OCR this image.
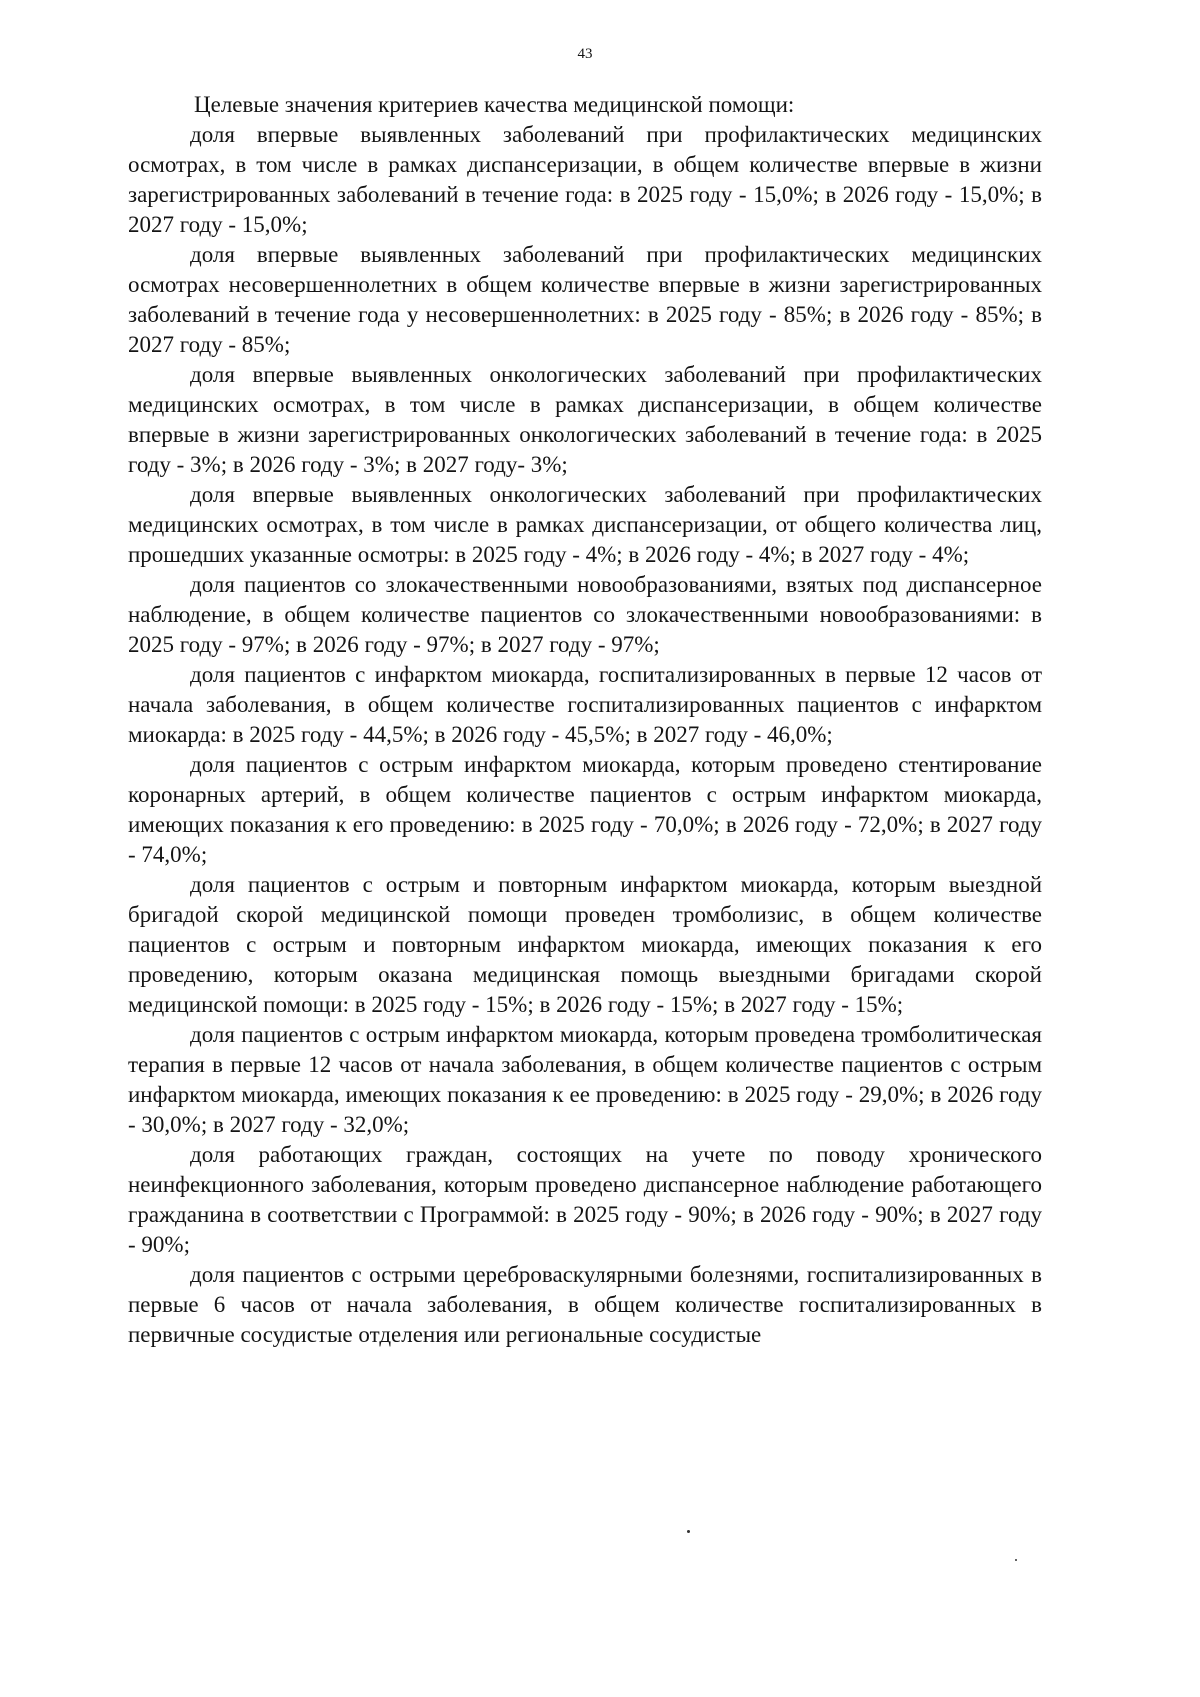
43

Целевые значения критериев качества медицинской помощи:

доля впервые выявленных заболеваний при профилактических медицинских осмотрах, в том числе в рамках диспансеризации, в общем количестве впервые в жизни зарегистрированных заболеваний в течение года: в 2025 году - 15,0%; в 2026 году - 15,0%; в 2027 году - 15,0%;

доля впервые выявленных заболеваний при профилактических медицинских осмотрах несовершеннолетних в общем количестве впервые в жизни зарегистрированных заболеваний в течение года у несовершеннолетних: в 2025 году - 85%; в 2026 году - 85%; в 2027 году - 85%;

доля впервые выявленных онкологических заболеваний при профилактических медицинских осмотрах, в том числе в рамках диспансеризации, в общем количестве впервые в жизни зарегистрированных онкологических заболеваний в течение года: в 2025 году - 3%; в 2026 году - 3%; в 2027 году- 3%;

доля впервые выявленных онкологических заболеваний при профилактических медицинских осмотрах, в том числе в рамках диспансеризации, от общего количества лиц, прошедших указанные осмотры: в 2025 году - 4%; в 2026 году - 4%; в 2027 году - 4%;

доля пациентов со злокачественными новообразованиями, взятых под диспансерное наблюдение, в общем количестве пациентов со злокачественными новообразованиями: в 2025 году - 97%; в 2026 году - 97%; в 2027 году - 97%;

доля пациентов с инфарктом миокарда, госпитализированных в первые 12 часов от начала заболевания, в общем количестве госпитализированных пациентов с инфарктом миокарда: в 2025 году - 44,5%; в 2026 году - 45,5%; в 2027 году - 46,0%;

доля пациентов с острым инфарктом миокарда, которым проведено стентирование коронарных артерий, в общем количестве пациентов с острым инфарктом миокарда, имеющих показания к его проведению: в 2025 году - 70,0%; в 2026 году - 72,0%; в 2027 году - 74,0%;

доля пациентов с острым и повторным инфарктом миокарда, которым выездной бригадой скорой медицинской помощи проведен тромболизис, в общем количестве пациентов с острым и повторным инфарктом миокарда, имеющих показания к его проведению, которым оказана медицинская помощь выездными бригадами скорой медицинской помощи: в 2025 году - 15%; в 2026 году - 15%; в 2027 году - 15%;

доля пациентов с острым инфарктом миокарда, которым проведена тромболитическая терапия в первые 12 часов от начала заболевания, в общем количестве пациентов с острым инфарктом миокарда, имеющих показания к ее проведению: в 2025 году - 29,0%; в 2026 году - 30,0%; в 2027 году - 32,0%;

доля работающих граждан, состоящих на учете по поводу хронического неинфекционного заболевания, которым проведено диспансерное наблюдение работающего гражданина в соответствии с Программой: в 2025 году - 90%; в 2026 году - 90%; в 2027 году - 90%;

доля пациентов с острыми цереброваскулярными болезнями, госпитализированных в первые 6 часов от начала заболевания, в общем количестве госпитализированных в первичные сосудистые отделения или региональные сосудистые
